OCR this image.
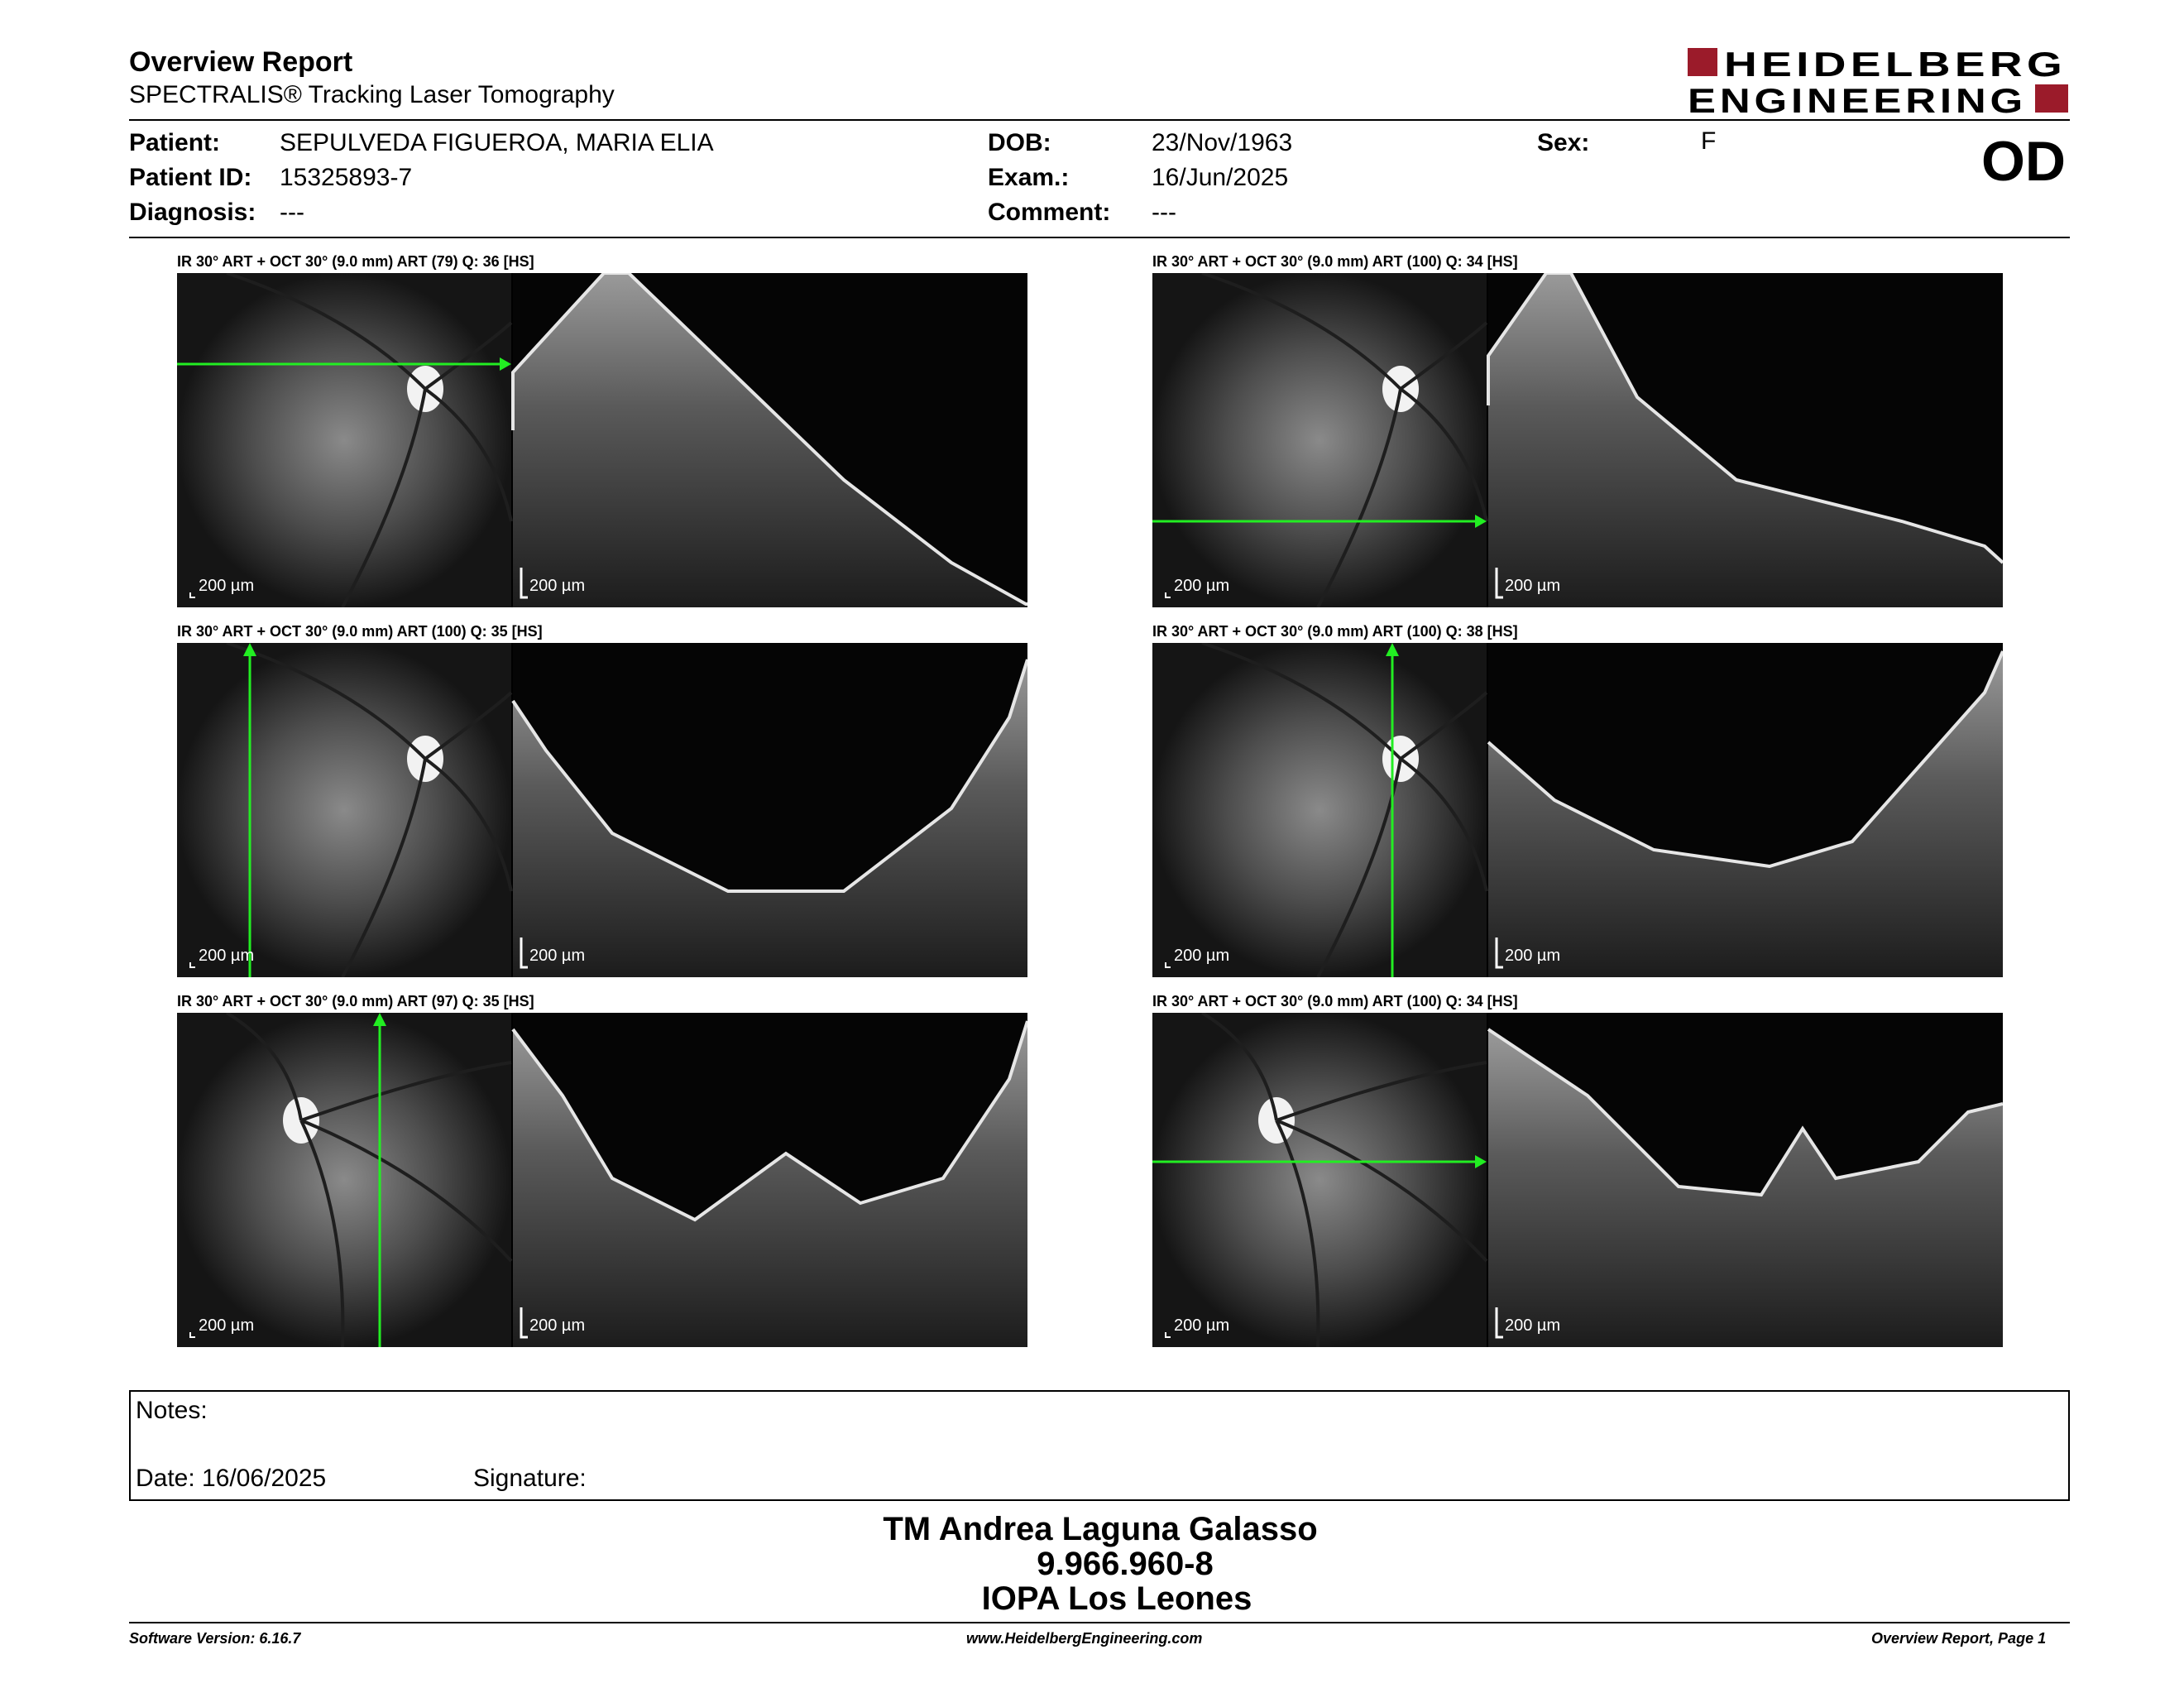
Overview Report
SPECTRALIS® Tracking Laser Tomography
HEIDELBERG
ENGINEERING
Patient: SEPULVEDA FIGUEROA, MARIA ELIA
Patient ID: 15325893-7
Diagnosis: ---
DOB:	23/Nov/1963
Exam.:	16/Jun/2025
Comment: ---
Sex:	F	OD
IR 30° ART + OCT 30° (9.0 mm) ART (79) Q: 36 [HS]
200 µm	200 µm
IR 30° ART + OCT 30° (9.0 mm) ART (100) Q: 34 [HS]
200 µm	200 µm
IR 30° ART + OCT 30° (9.0 mm) ART (100) Q: 35 [HS]
200 µm	200 µm
IR 30° ART + OCT 30° (9.0 mm) ART (100) Q: 38 [HS]
200 µm	200 µm
IR 30° ART + OCT 30° (9.0 mm) ART (97) Q: 35 [HS]
200 µm	200 µm
IR 30° ART + OCT 30° (9.0 mm) ART (100) Q: 34 [HS]
200 µm	200 µm
Notes:
Date: 16/06/2025	Signature:
TM Andrea Laguna Galasso
9.966.960-8
IOPA Los Leones
Software Version: 6.16.7	www.HeidelbergEngineering.com	Overview Report, Page 1
